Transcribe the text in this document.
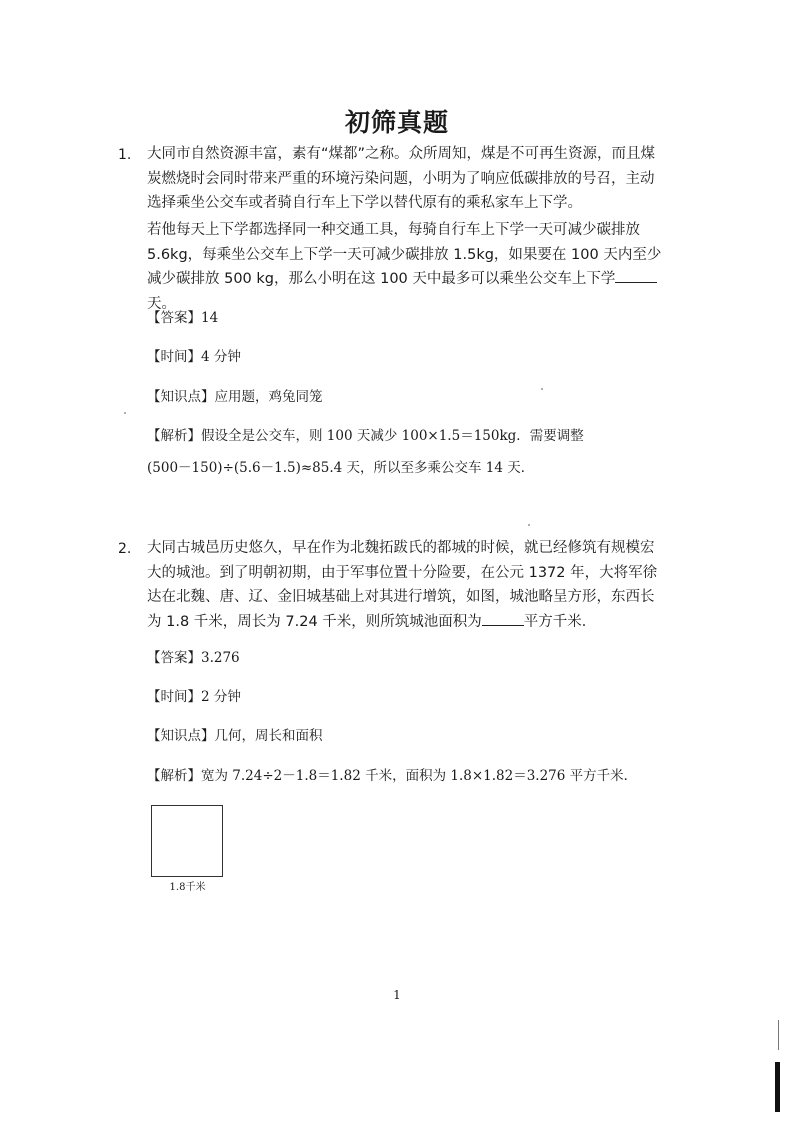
初筛真题
1. 大同市自然资源丰富，素有“煤都”之称。众所周知，煤是不可再生资源，而且煤炭燃烧时会同时带来严重的环境污染问题，小明为了响应低碳排放的号召，主动选择乘坐公交车或者骑自行车上下学以替代原有的乘私家车上下学。

若他每天上下学都选择同一种交通工具，每骑自行车上下学一天可减少碳排放 5.6kg，每乘坐公交车上下学一天可减少碳排放 1.5kg，如果要在 100 天内至少减少碳排放 500 kg，那么小明在这 100 天中最多可以乘坐公交车上下学天。

【答案】14
【时间】4 分钟
【知识点】应用题，鸡兔同笼
【解析】假设全是公交车，则 100 天减少 100×1.5＝150kg．需要调整
(500－150)÷(5.6－1.5)≈85.4 天，所以至多乘公交车 14 天．
2. 大同古城邑历史悠久，早在作为北魏拓跋氏的都城的时候，就已经修筑有规模宏大的城池。到了明朝初期，由于军事位置十分险要，在公元 1372 年，大将军徐达在北魏、唐、辽、金旧城基础上对其进行增筑，如图，城池略呈方形，东西长为 1.8 千米，周长为 7.24 千米，则所筑城池面积为	平方千米．

【答案】3.276
【时间】2 分钟
【知识点】几何，周长和面积
【解析】宽为 7.24÷2－1.8＝1.82 千米，面积为 1.8×1.82＝3.276 平方千米．
1.8千米
1
